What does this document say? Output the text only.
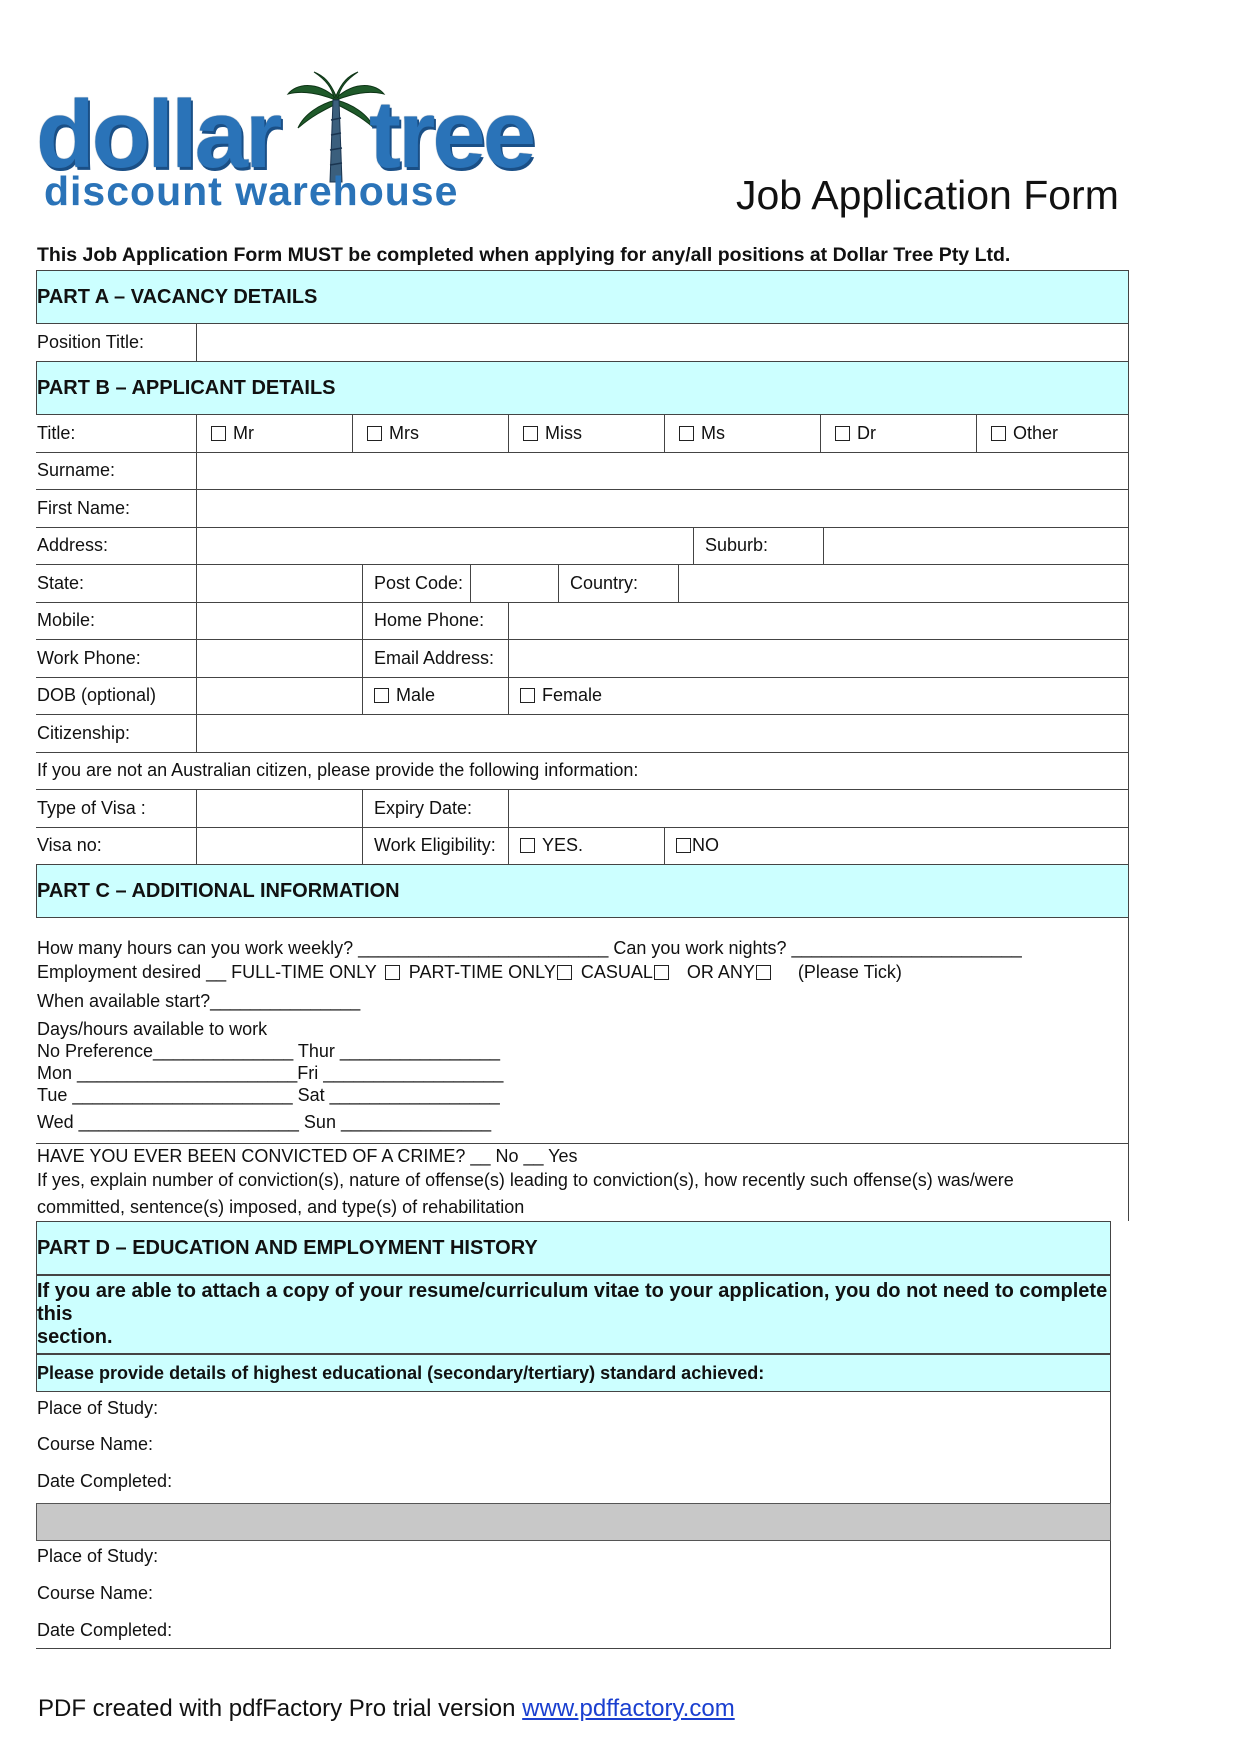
dollar tree
discount warehouse	Job Application Form
This Job Application Form MUST be completed when applying for any/all positions at Dollar Tree Pty Ltd.
PART A – VACANCY DETAILS
Position Title:
PART B – APPLICANT DETAILS
Title:	Mr	Mrs	Miss	Ms	Dr	Other
Surname:
First Name:
Address:	Suburb:
State:	Post Code:	Country:
Mobile:	Home Phone:
Work Phone:	Email Address:
DOB (optional)	Male	Female
Citizenship:
If you are not an Australian citizen, please provide the following information:
Type of Visa :	Expiry Date:
Visa no:	Work Eligibility:	YES.	NO
PART C – ADDITIONAL INFORMATION
How many hours can you work weekly? _________________________ Can you work nights? _______________________
Employment desired __ FULL-TIME ONLY PART-TIME ONLY CASUAL OR ANY (Please Tick)
When available start?_______________
Days/hours available to work
No Preference______________ Thur ________________
Mon ______________________Fri __________________
Tue ______________________ Sat _________________
Wed ______________________ Sun _______________
HAVE YOU EVER BEEN CONVICTED OF A CRIME? __ No __ Yes
If yes, explain number of conviction(s), nature of offense(s) leading to conviction(s), how recently such offense(s) was/were
committed, sentence(s) imposed, and type(s) of rehabilitation
PART D – EDUCATION AND EMPLOYMENT HISTORY
If you are able to attach a copy of your resume/curriculum vitae to your application, you do not need to complete this
section.
Please provide details of highest educational (secondary/tertiary) standard achieved:
Place of Study:
Course Name:
Date Completed:
Place of Study:
Course Name:
Date Completed:
PDF created with pdfFactory Pro trial version www.pdffactory.com
